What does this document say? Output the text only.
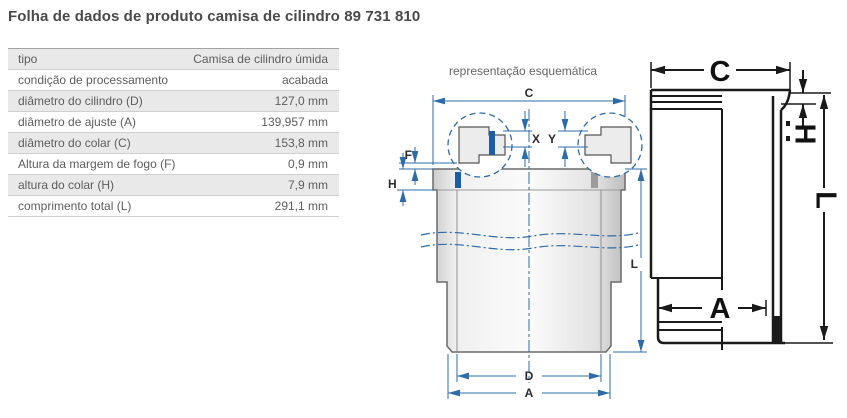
Folha de dados de produto camisa de cilindro 89 731 810
tipo	Camisa de cilindro úmida
condição de processamento	acabada
diâmetro do cilindro (D)	127,0 mm
diâmetro de ajuste (A)	139,957 mm
diâmetro do colar (C)	153,8 mm
Altura da margem de fogo (F)	0,9 mm
altura do colar (H)	7,9 mm
comprimento total (L)	291,1 mm
representação esquemática
C
X Y
F
H
L
D
A
C
H
L
A
